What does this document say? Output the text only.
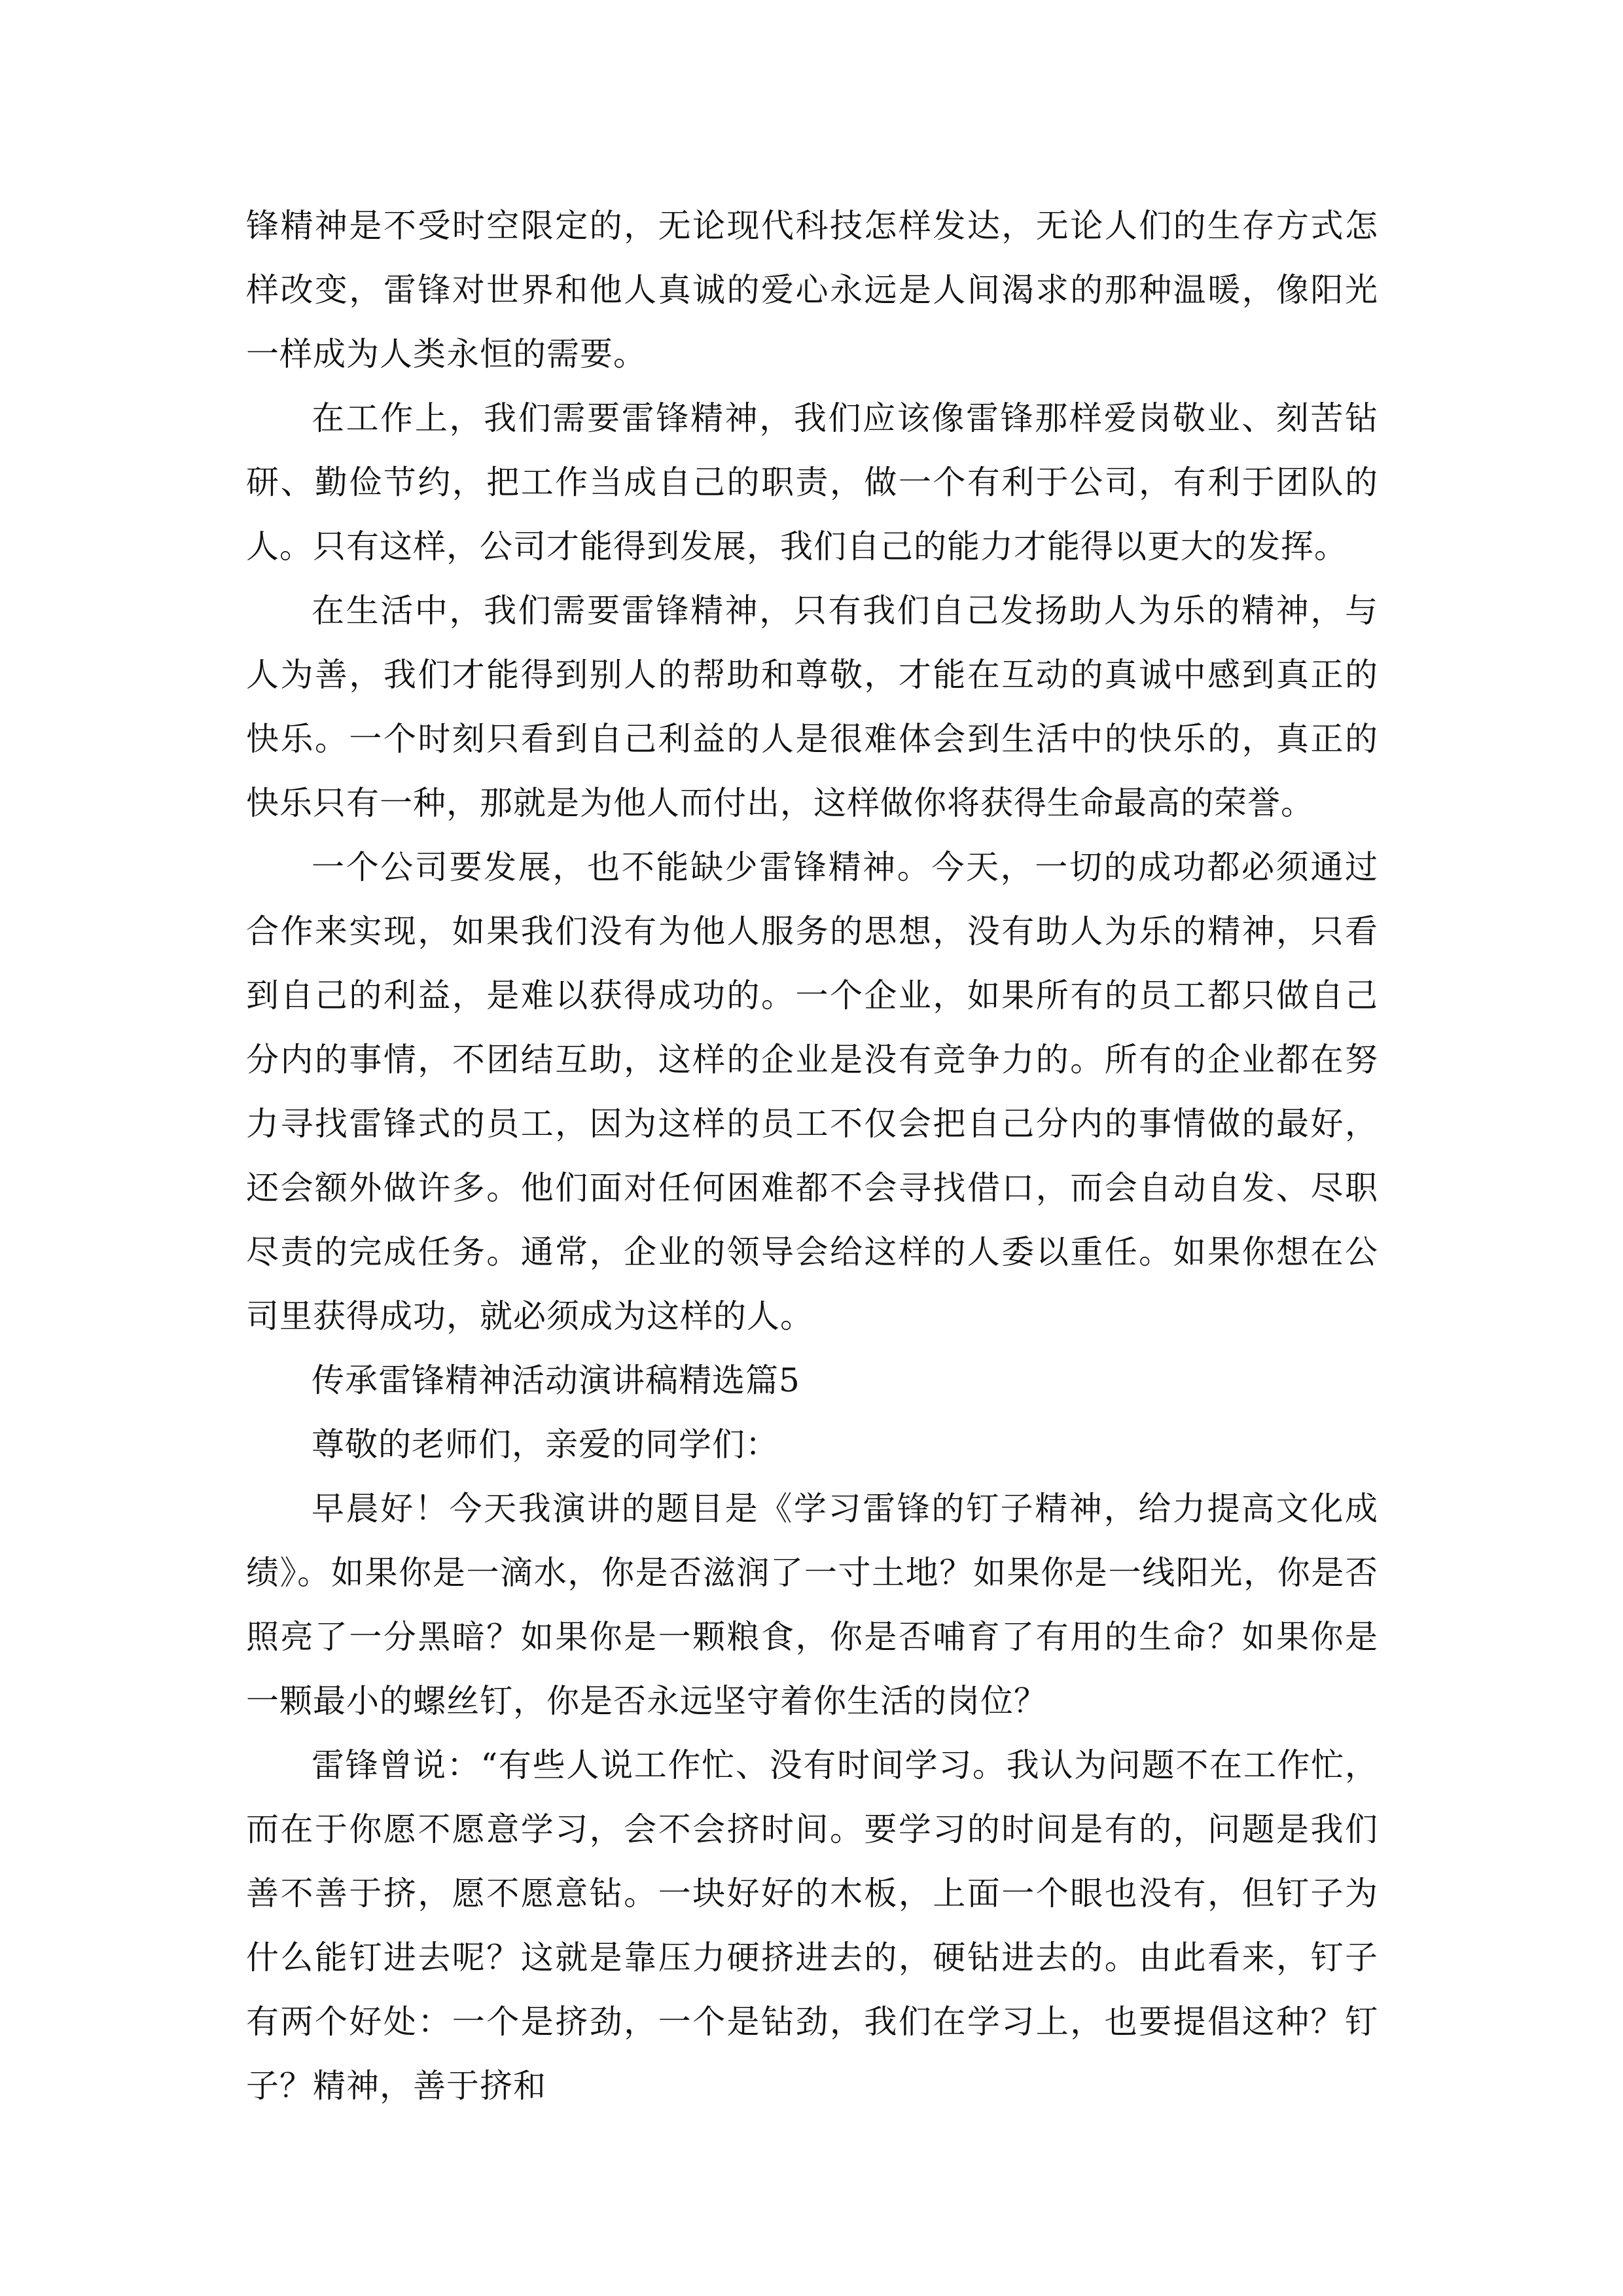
锋精神是不受时空限定的，无论现代科技怎样发达，无论人们的生存方式怎样改变，雷锋对世界和他人真诚的爱心永远是人间渴求的那种温暖，像阳光一样成为人类永恒的需要。

在工作上，我们需要雷锋精神，我们应该像雷锋那样爱岗敬业、刻苦钻研、勤俭节约，把工作当成自己的职责，做一个有利于公司，有利于团队的人。只有这样，公司才能得到发展，我们自己的能力才能得以更大的发挥。

在生活中，我们需要雷锋精神，只有我们自己发扬助人为乐的精神，与人为善，我们才能得到别人的帮助和尊敬，才能在互动的真诚中感到真正的快乐。一个时刻只看到自己利益的人是很难体会到生活中的快乐的，真正的快乐只有一种，那就是为他人而付出，这样做你将获得生命最高的荣誉。

一个公司要发展，也不能缺少雷锋精神。今天，一切的成功都必须通过合作来实现，如果我们没有为他人服务的思想，没有助人为乐的精神，只看到自己的利益，是难以获得成功的。一个企业，如果所有的员工都只做自己分内的事情，不团结互助，这样的企业是没有竞争力的。所有的企业都在努力寻找雷锋式的员工，因为这样的员工不仅会把自己分内的事情做的最好，还会额外做许多。他们面对任何困难都不会寻找借口，而会自动自发、尽职尽责的完成任务。通常，企业的领导会给这样的人委以重任。如果你想在公司里获得成功，就必须成为这样的人。

传承雷锋精神活动演讲稿精选篇5

尊敬的老师们，亲爱的同学们：

早晨好！今天我演讲的题目是《学习雷锋的钉子精神，给力提高文化成绩》。如果你是一滴水，你是否滋润了一寸土地？如果你是一线阳光，你是否照亮了一分黑暗？如果你是一颗粮食，你是否哺育了有用的生命？如果你是一颗最小的螺丝钉，你是否永远坚守着你生活的岗位？

雷锋曾说：“有些人说工作忙、没有时间学习。我认为问题不在工作忙，而在于你愿不愿意学习，会不会挤时间。要学习的时间是有的，问题是我们善不善于挤，愿不愿意钻。一块好好的木板，上面一个眼也没有，但钉子为什么能钉进去呢？这就是靠压力硬挤进去的，硬钻进去的。由此看来，钉子有两个好处：一个是挤劲，一个是钻劲，我们在学习上，也要提倡这种？钉子？精神，善于挤和
